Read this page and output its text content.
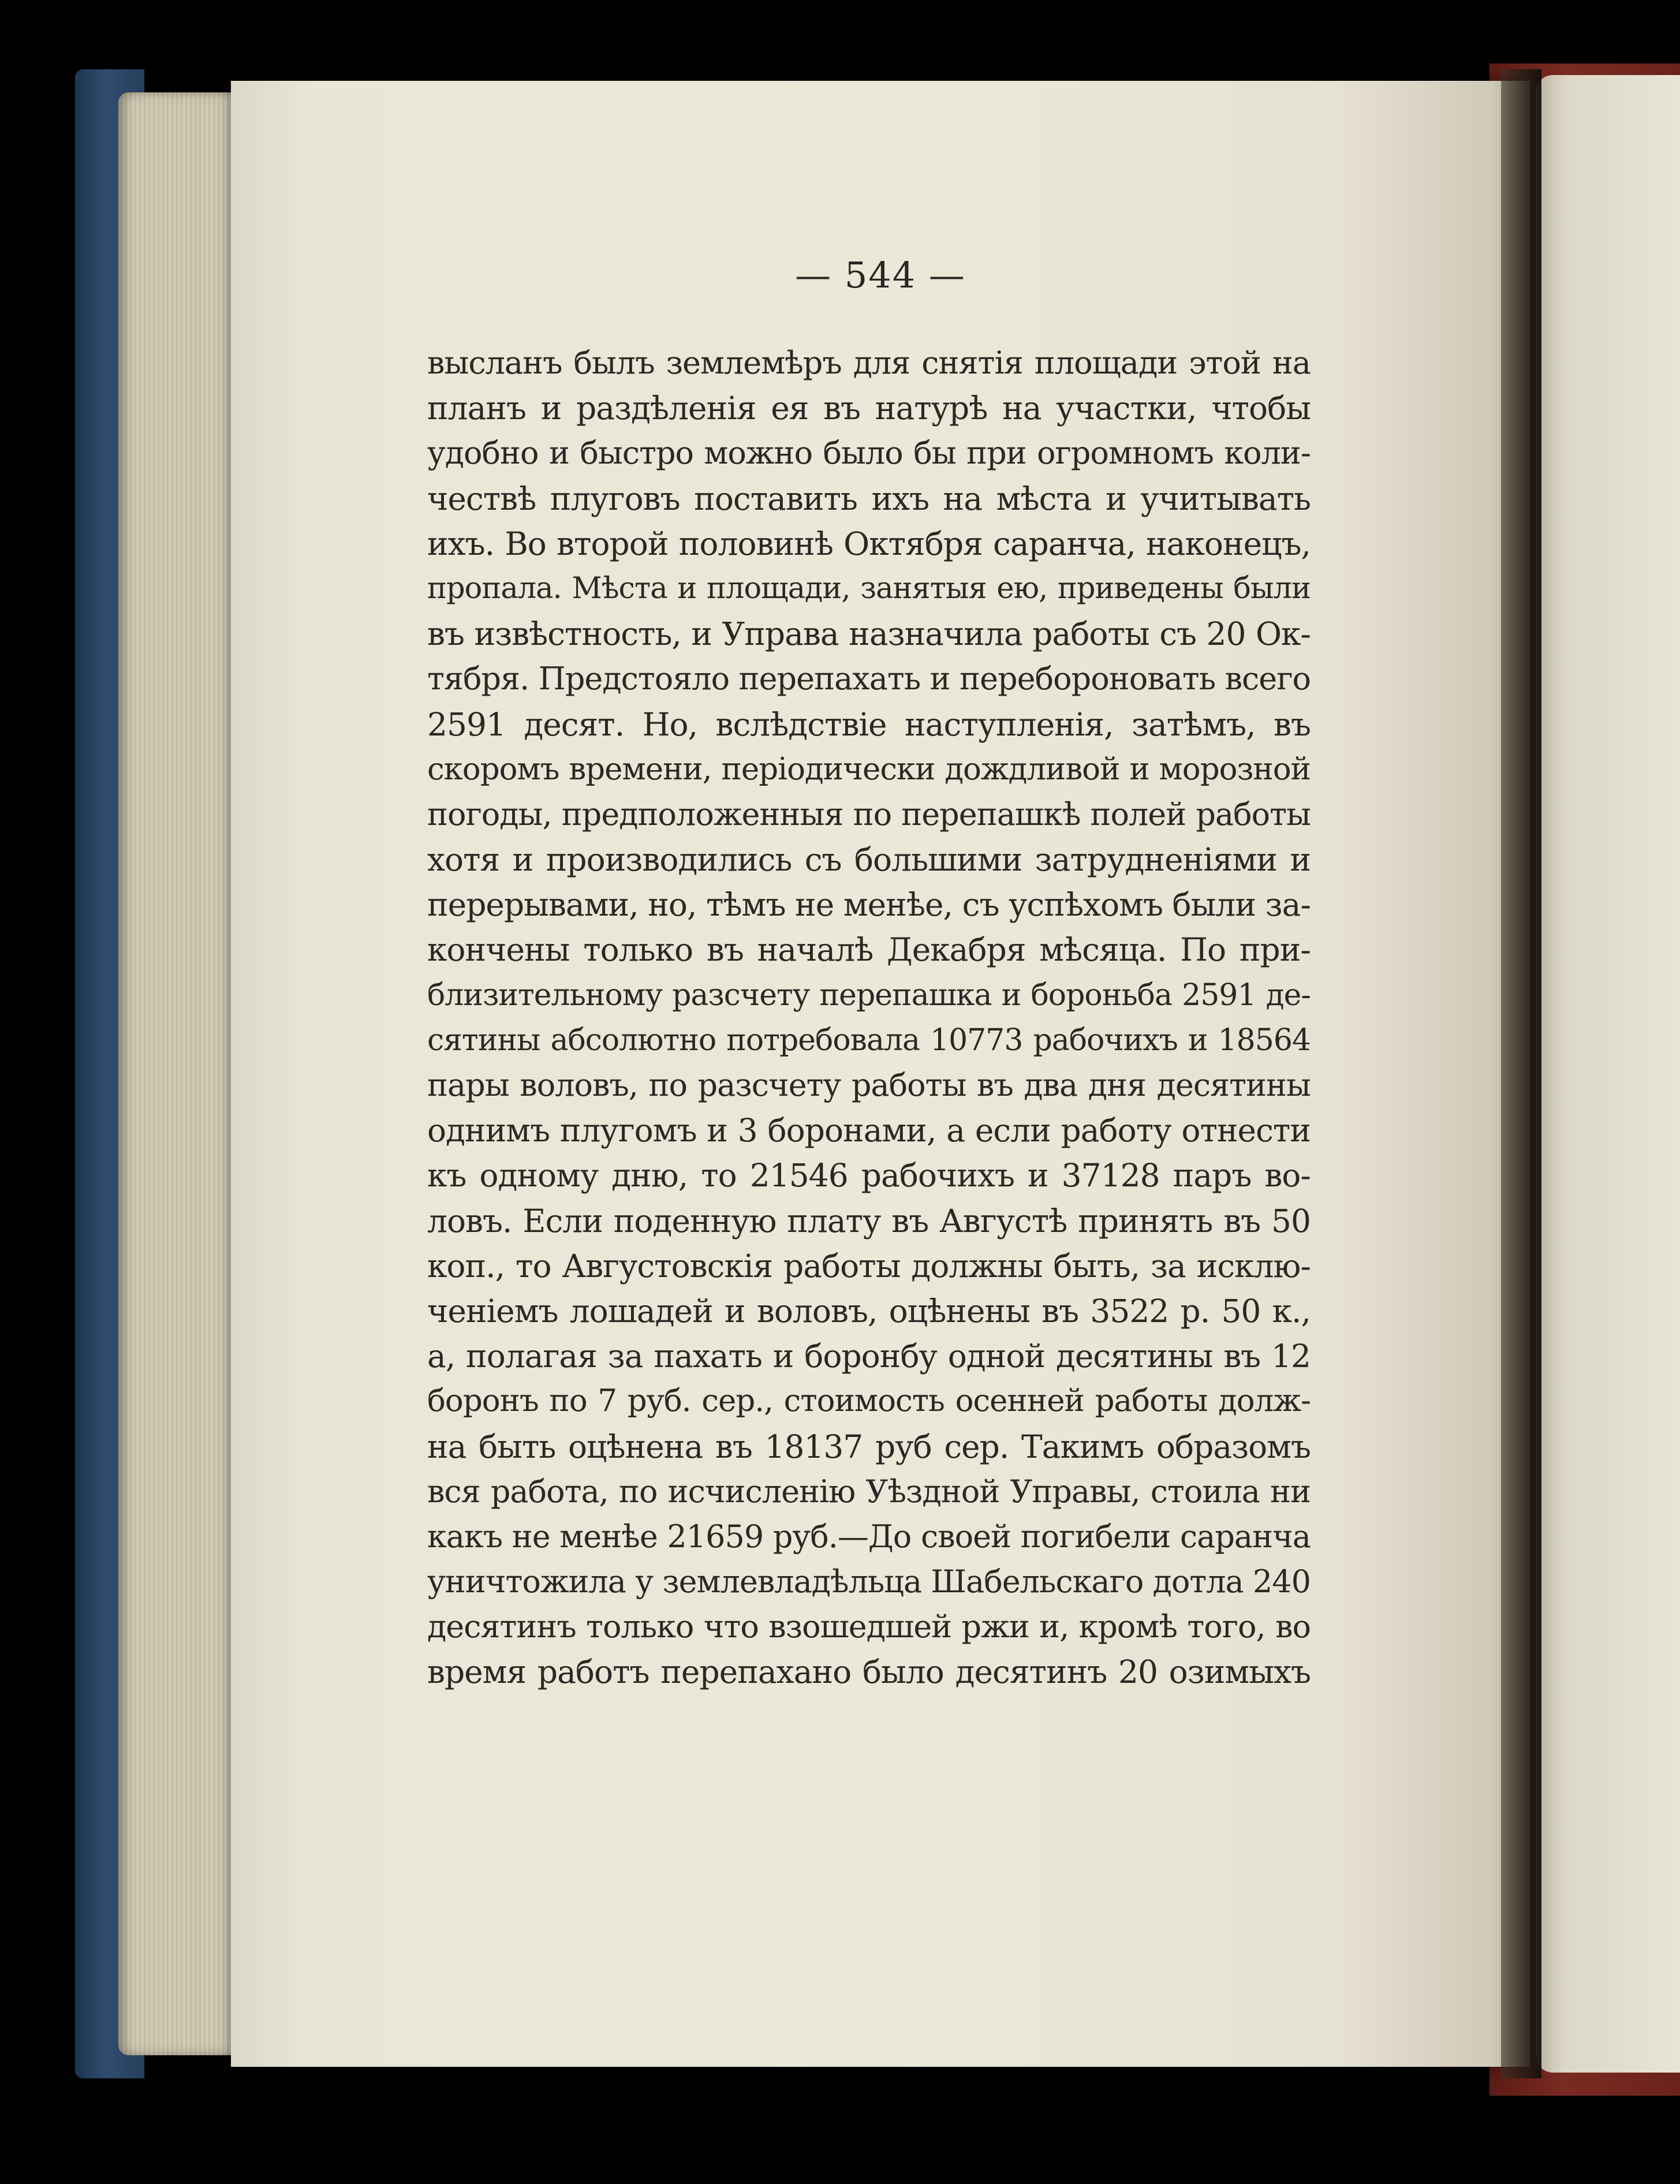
— 544 —
высланъ былъ землемѣръ для снятія площади этой на
планъ и раздѣленія ея въ натурѣ на участки, чтобы
удобно и быстро можно было бы при огромномъ коли-
чествѣ плуговъ поставить ихъ на мѣста и учитывать
ихъ. Во второй половинѣ Октября саранча, наконецъ,
пропала. Мѣста и площади, занятыя ею, приведены были
въ извѣстность, и Управа назначила работы съ 20 Ок-
тября. Предстояло перепахать и перебороновать всего
2591 десят. Но, вслѣдствіе наступленія, затѣмъ, въ
скоромъ времени, періодически дождливой и морозной
погоды, предположенныя по перепашкѣ полей работы
хотя и производились съ большими затрудненіями и
перерывами, но, тѣмъ не менѣе, съ успѣхомъ были за-
кончены только въ началѣ Декабря мѣсяца. По при-
близительному разсчету перепашка и бороньба 2591 де-
сятины абсолютно потребовала 10773 рабочихъ и 18564
пары воловъ, по разсчету работы въ два дня десятины
однимъ плугомъ и 3 боронами, а если работу отнести
къ одному дню, то 21546 рабочихъ и 37128 паръ во-
ловъ. Если поденную плату въ Августѣ принять въ 50
коп., то Августовскія работы должны быть, за исклю-
ченіемъ лошадей и воловъ, оцѣнены въ 3522 р. 50 к.,
а, полагая за пахать и боронбу одной десятины въ 12
боронъ по 7 руб. сер., стоимость осенней работы долж-
на быть оцѣнена въ 18137 руб сер. Такимъ образомъ
вся работа, по исчисленію Уѣздной Управы, стоила ни
какъ не менѣе 21659 руб.—До своей погибели саранча
уничтожила у землевладѣльца Шабельскаго дотла 240
десятинъ только что взошедшей ржи и, кромѣ того, во
время работъ перепахано было десятинъ 20 озимыхъ
